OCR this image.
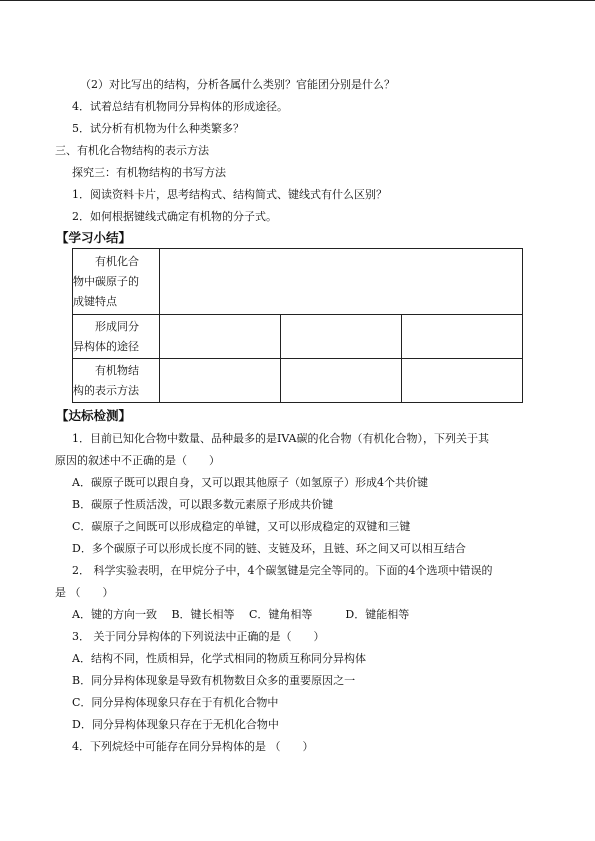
（2）对比写出的结构，分析各属什么类别？官能团分别是什么？
4．试着总结有机物同分异构体的形成途径。
5．试分析有机物为什么种类繁多？
三、有机化合物结构的表示方法
探究三：有机物结构的书写方法
1．阅读资料卡片，思考结构式、结构简式、键线式有什么区别？
2．如何根据键线式确定有机物的分子式。
【学习小结】
有机化合
物中碳原子的
成键特点			

形成同分
异构体的途径			

有机物结
构的表示方法			

【达标检测】
1．目前已知化合物中数量、品种最多的是IVA碳的化合物（有机化合物），下列关于其
原因的叙述中不正确的是（　　）
A．碳原子既可以跟自身，又可以跟其他原子（如氢原子）形成4个共价键
B．碳原子性质活泼，可以跟多数元素原子形成共价键
C．碳原子之间既可以形成稳定的单键，又可以形成稳定的双键和三键
D．多个碳原子可以形成长度不同的链、支链及环，且链、环之间又可以相互结合
2． 科学实验表明，在甲烷分子中，4个碳氢键是完全等同的。下面的4个选项中错误的
是 （　　）
A．键的方向一致　 B．键长相等　 C．键角相等　　　D．键能相等
3． 关于同分异构体的下列说法中正确的是（　　）
A．结构不同，性质相异，化学式相同的物质互称同分异构体
B．同分异构体现象是导致有机物数目众多的重要原因之一
C．同分异构体现象只存在于有机化合物中
D．同分异构体现象只存在于无机化合物中
4．下列烷烃中可能存在同分异构体的是 （　　）
